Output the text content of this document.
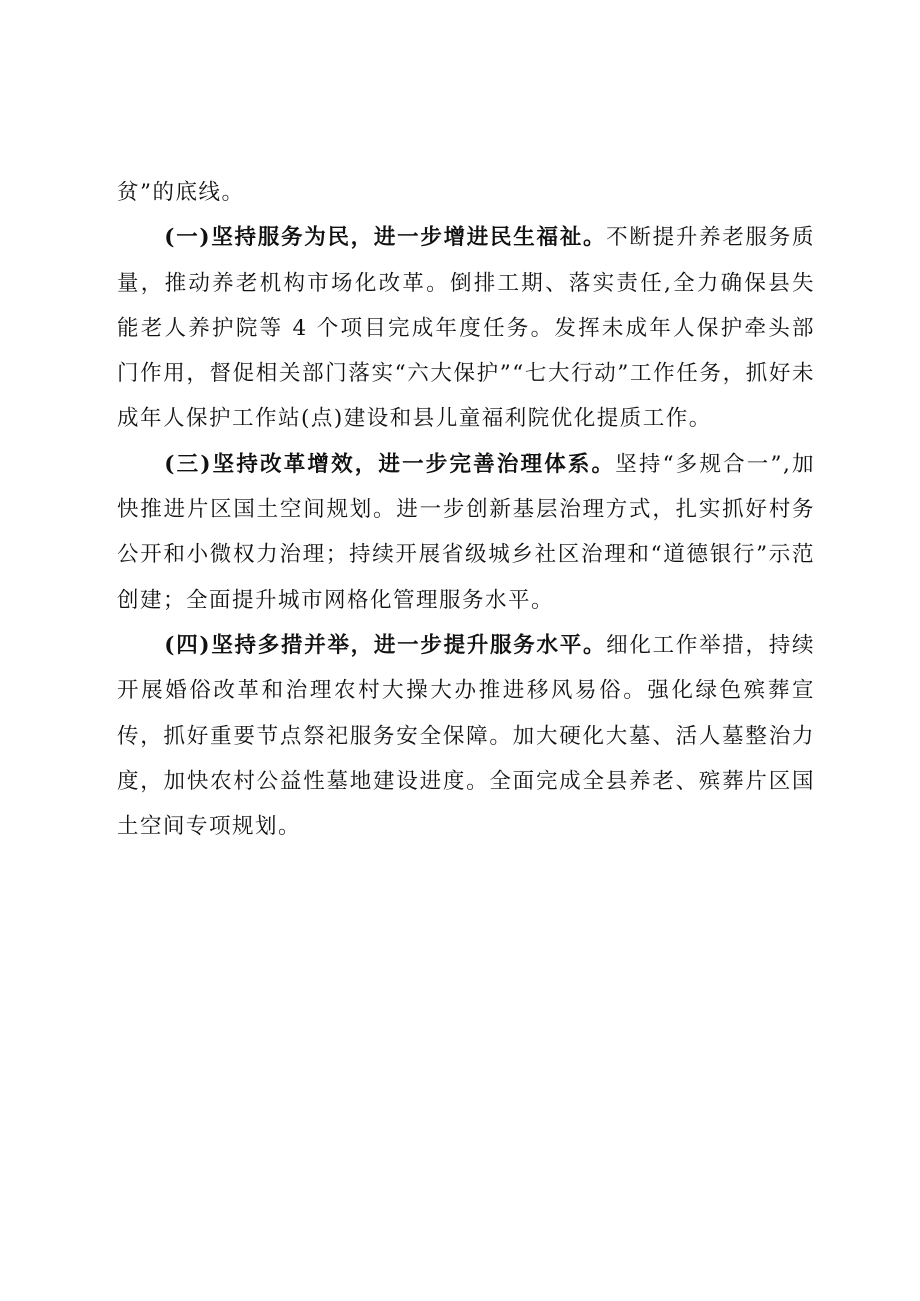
贫”的底线。

(一)坚持服务为民，进一步增进民生福祉。不断提升养老服务质量，推动养老机构市场化改革。倒排工期、落实责任,全力确保县失能老人养护院等 4 个项目完成年度任务。发挥未成年人保护牵头部门作用，督促相关部门落实“六大保护”“七大行动”工作任务，抓好未成年人保护工作站(点)建设和县儿童福利院优化提质工作。

(三)坚持改革增效，进一步完善治理体系。坚持“多规合一”,加快推进片区国土空间规划。进一步创新基层治理方式，扎实抓好村务公开和小微权力治理；持续开展省级城乡社区治理和“道德银行”示范创建；全面提升城市网格化管理服务水平。

(四)坚持多措并举，进一步提升服务水平。细化工作举措，持续开展婚俗改革和治理农村大操大办推进移风易俗。强化绿色殡葬宣传，抓好重要节点祭祀服务安全保障。加大硬化大墓、活人墓整治力度，加快农村公益性墓地建设进度。全面完成全县养老、殡葬片区国土空间专项规划。
